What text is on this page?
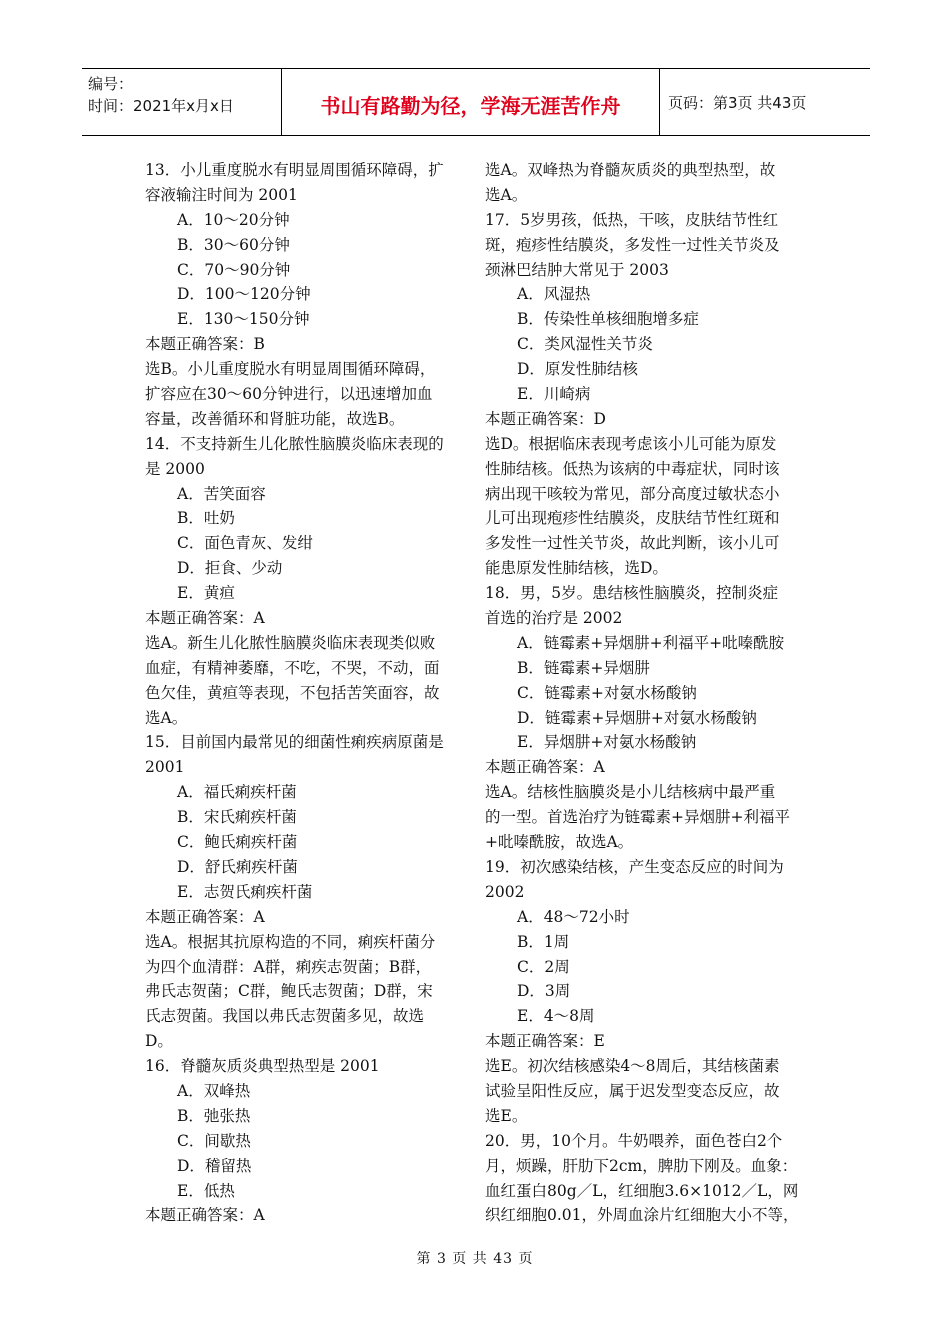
编号：
时间：2021年x月x日	书山有路勤为径，学海无涯苦作舟	页码：第3页 共43页
13．小儿重度脱水有明显周围循环障碍，扩
容液输注时间为 2001
A．10～20分钟
B．30～60分钟
C．70～90分钟
D．100～120分钟
E．130～150分钟
本题正确答案：B
选B。小儿重度脱水有明显周围循环障碍，
扩容应在30～60分钟进行，以迅速增加血
容量，改善循环和肾脏功能，故选B。
14．不支持新生儿化脓性脑膜炎临床表现的
是 2000
A．苦笑面容
B．吐奶
C．面色青灰、发绀
D．拒食、少动
E．黄疸
本题正确答案：A
选A。新生儿化脓性脑膜炎临床表现类似败
血症，有精神萎靡，不吃，不哭，不动，面
色欠佳，黄疸等表现，不包括苦笑面容，故
选A。
15．目前国内最常见的细菌性痢疾病原菌是
2001
A．福氏痢疾杆菌
B．宋氏痢疾杆菌
C．鲍氏痢疾杆菌
D．舒氏痢疾杆菌
E．志贺氏痢疾杆菌
本题正确答案：A
选A。根据其抗原构造的不同，痢疾杆菌分
为四个血清群：A群，痢疾志贺菌；B群，
弗氏志贺菌；C群，鲍氏志贺菌；D群，宋
氏志贺菌。我国以弗氏志贺菌多见，故选
D。
16．脊髓灰质炎典型热型是 2001
A．双峰热
B．弛张热
C．间歇热
D．稽留热
E．低热
本题正确答案：A
选A。双峰热为脊髓灰质炎的典型热型，故
选A。
17．5岁男孩，低热，干咳，皮肤结节性红
斑，疱疹性结膜炎，多发性一过性关节炎及
颈淋巴结肿大常见于 2003
A．风湿热
B．传染性单核细胞增多症
C．类风湿性关节炎
D．原发性肺结核
E．川崎病
本题正确答案：D
选D。根据临床表现考虑该小儿可能为原发
性肺结核。低热为该病的中毒症状，同时该
病出现干咳较为常见，部分高度过敏状态小
儿可出现疱疹性结膜炎，皮肤结节性红斑和
多发性一过性关节炎，故此判断，该小儿可
能患原发性肺结核，选D。
18．男，5岁。患结核性脑膜炎，控制炎症
首选的治疗是 2002
A．链霉素+异烟肼+利福平+吡嗪酰胺
B．链霉素+异烟肼
C．链霉素+对氨水杨酸钠
D．链霉素+异烟肼+对氨水杨酸钠
E．异烟肼+对氨水杨酸钠
本题正确答案：A
选A。结核性脑膜炎是小儿结核病中最严重
的一型。首选治疗为链霉素+异烟肼+利福平
+吡嗪酰胺，故选A。
19．初次感染结核，产生变态反应的时间为
2002
A．48～72小时
B．1周
C．2周
D．3周
E．4～8周
本题正确答案：E
选E。初次结核感染4～8周后，其结核菌素
试验呈阳性反应，属于迟发型变态反应，故
选E。
20．男，10个月。牛奶喂养，面色苍白2个
月，烦躁，肝肋下2cm，脾肋下刚及。血象：
血红蛋白80g／L，红细胞3.6×1012／L，网
织红细胞0.01，外周血涂片红细胞大小不等，
第 3 页 共 43 页
